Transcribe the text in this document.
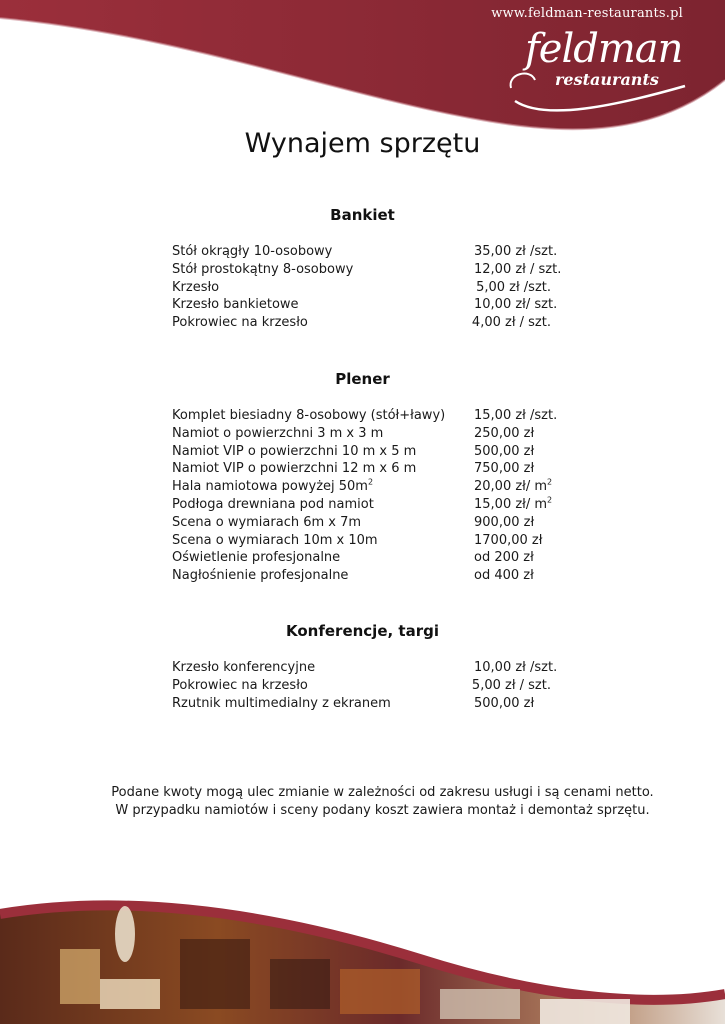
www.feldman-restaurants.pl
feldman
restaurants
Wynajem sprzętu
Bankiet
Stół okrągły 10-osobowy	35,00 zł /szt.
Stół prostokątny 8-osobowy	12,00 zł / szt.
Krzesło	5,00 zł /szt.
Krzesło bankietowe	10,00 zł/ szt.
Pokrowiec na krzesło	4,00 zł / szt.
Plener
Komplet biesiadny 8-osobowy (stół+ławy) 15,00 zł /szt.
Namiot o powierzchni 3 m x 3 m	250,00 zł
Namiot VIP o powierzchni 10 m x 5 m	500,00 zł
Namiot VIP o powierzchni 12 m x 6 m	750,00 zł
Hala namiotowa powyżej $50m^2$	20,00 zł/ $m^2$
Podłoga drewniana pod namiot	15,00 zł/ $m^2$
Scena o wymiarach 6m x 7m	900,00 zł
Scena o wymiarach 10m x 10m	1700,00 zł
Oświetlenie profesjonalne	od 200 zł
Nagłośnienie profesjonalne	od 400 zł
Konferencje, targi
Krzesło konferencyjne	10,00 zł /szt.
Pokrowiec na krzesło	5,00 zł / szt.
Rzutnik multimedialny z ekranem	500,00 zł

Podane kwoty mogą ulec zmianie w zależności od zakresu usługi i są cenami netto.

W przypadku namiotów i sceny podany koszt zawiera montaż i demontaż sprzętu.
